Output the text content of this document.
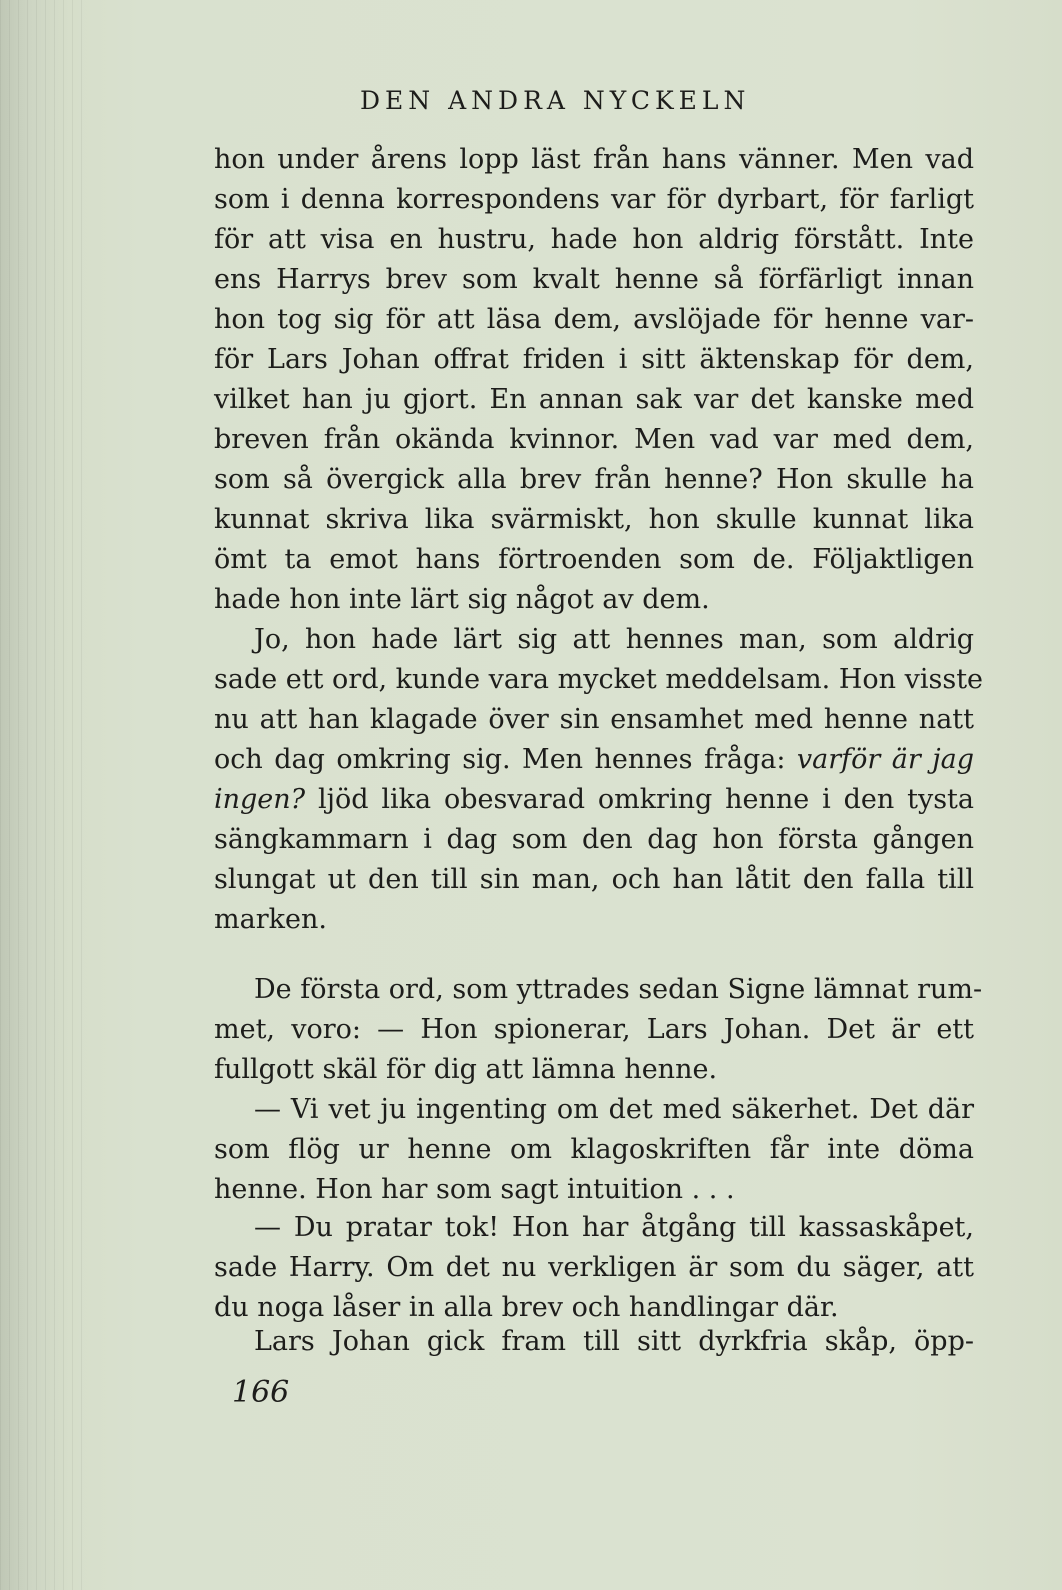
DEN ANDRA NYCKELN
hon under årens lopp läst från hans vänner. Men vad
som i denna korrespondens var för dyrbart, för farligt
för att visa en hustru, hade hon aldrig förstått. Inte
ens Harrys brev som kvalt henne så förfärligt innan
hon tog sig för att läsa dem, avslöjade för henne var-
för Lars Johan offrat friden i sitt äktenskap för dem,
vilket han ju gjort. En annan sak var det kanske med
breven från okända kvinnor. Men vad var med dem,
som så övergick alla brev från henne? Hon skulle ha
kunnat skriva lika svärmiskt, hon skulle kunnat lika
ömt ta emot hans förtroenden som de. Följaktligen
hade hon inte lärt sig något av dem.
Jo, hon hade lärt sig att hennes man, som aldrig
sade ett ord, kunde vara mycket meddelsam. Hon visste
nu att han klagade över sin ensamhet med henne natt
och dag omkring sig. Men hennes fråga: varför är jag
ingen? ljöd lika obesvarad omkring henne i den tysta
sängkammarn i dag som den dag hon första gången
slungat ut den till sin man, och han låtit den falla till
marken.
De första ord, som yttrades sedan Signe lämnat rum-
met, voro: — Hon spionerar, Lars Johan. Det är ett
fullgott skäl för dig att lämna henne.
— Vi vet ju ingenting om det med säkerhet. Det där
som flög ur henne om klagoskriften får inte döma
henne. Hon har som sagt intuition . . .
— Du pratar tok! Hon har åtgång till kassaskåpet,
sade Harry. Om det nu verkligen är som du säger, att
du noga låser in alla brev och handlingar där.
Lars Johan gick fram till sitt dyrkfria skåp, öpp-
166
